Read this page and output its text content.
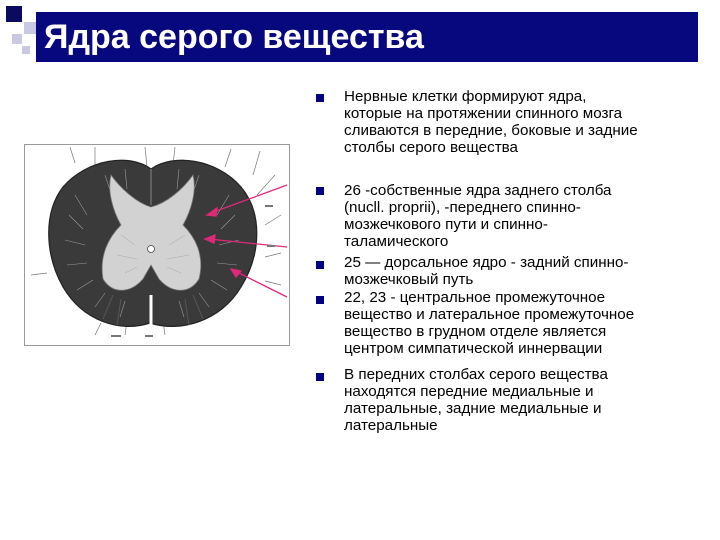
Ядра серого вещества
Нервные клетки формируют ядра,
которые на протяжении спинного мозга
сливаются в передние, боковые и задние
столбы серого вещества
26 -собственные ядра заднего столба
(nucll. proprii), -переднего спинно-
мозжечкового пути и спинно-
таламического
25 — дорсальное ядро - задний спинно-
мозжечковый путь
22, 23 - центральное промежуточное
вещество и латеральное промежуточное
вещество в грудном отделе является
центром симпатической иннервации
В передних столбах серого вещества
находятся передние медиальные и
латеральные, задние медиальные и
латеральные
